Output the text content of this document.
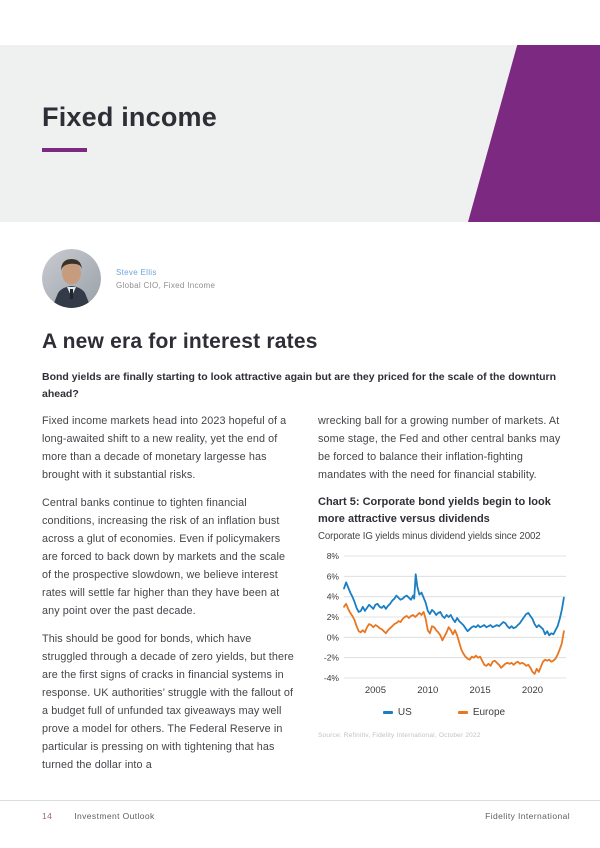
Fixed income
Steve Ellis
Global CIO, Fixed Income
A new era for interest rates

Bond yields are finally starting to look attractive again but are they priced for the scale of the downturn ahead?

Fixed income markets head into 2023 hopeful of a long-awaited shift to a new reality, yet the end of more than a decade of monetary largesse has brought with it substantial risks.

Central banks continue to tighten financial conditions, increasing the risk of an inflation bust across a glut of economies. Even if policymakers are forced to back down by markets and the scale of the prospective slowdown, we believe interest rates will settle far higher than they have been at any point over the past decade.

This should be good for bonds, which have struggled through a decade of zero yields, but there are the first signs of cracks in financial systems in response. UK authorities’ struggle with the fallout of a budget full of unfunded tax giveaways may well prove a model for others. The Federal Reserve in particular is pressing on with tightening that has turned the dollar into a

wrecking ball for a growing number of markets. At some stage, the Fed and other central banks may be forced to balance their inflation-fighting mandates with the need for financial stability.

Chart 5: Corporate bond yields begin to look more attractive versus dividends

Corporate IG yields minus dividend yields since 2002

8%
6%
4%
2%
0%
-2%
-4%
2005	2010	2015	2020
US	Europe
Source: Refinitiv, Fidelity International, October 2022
14	Investment Outlook	Fidelity International
